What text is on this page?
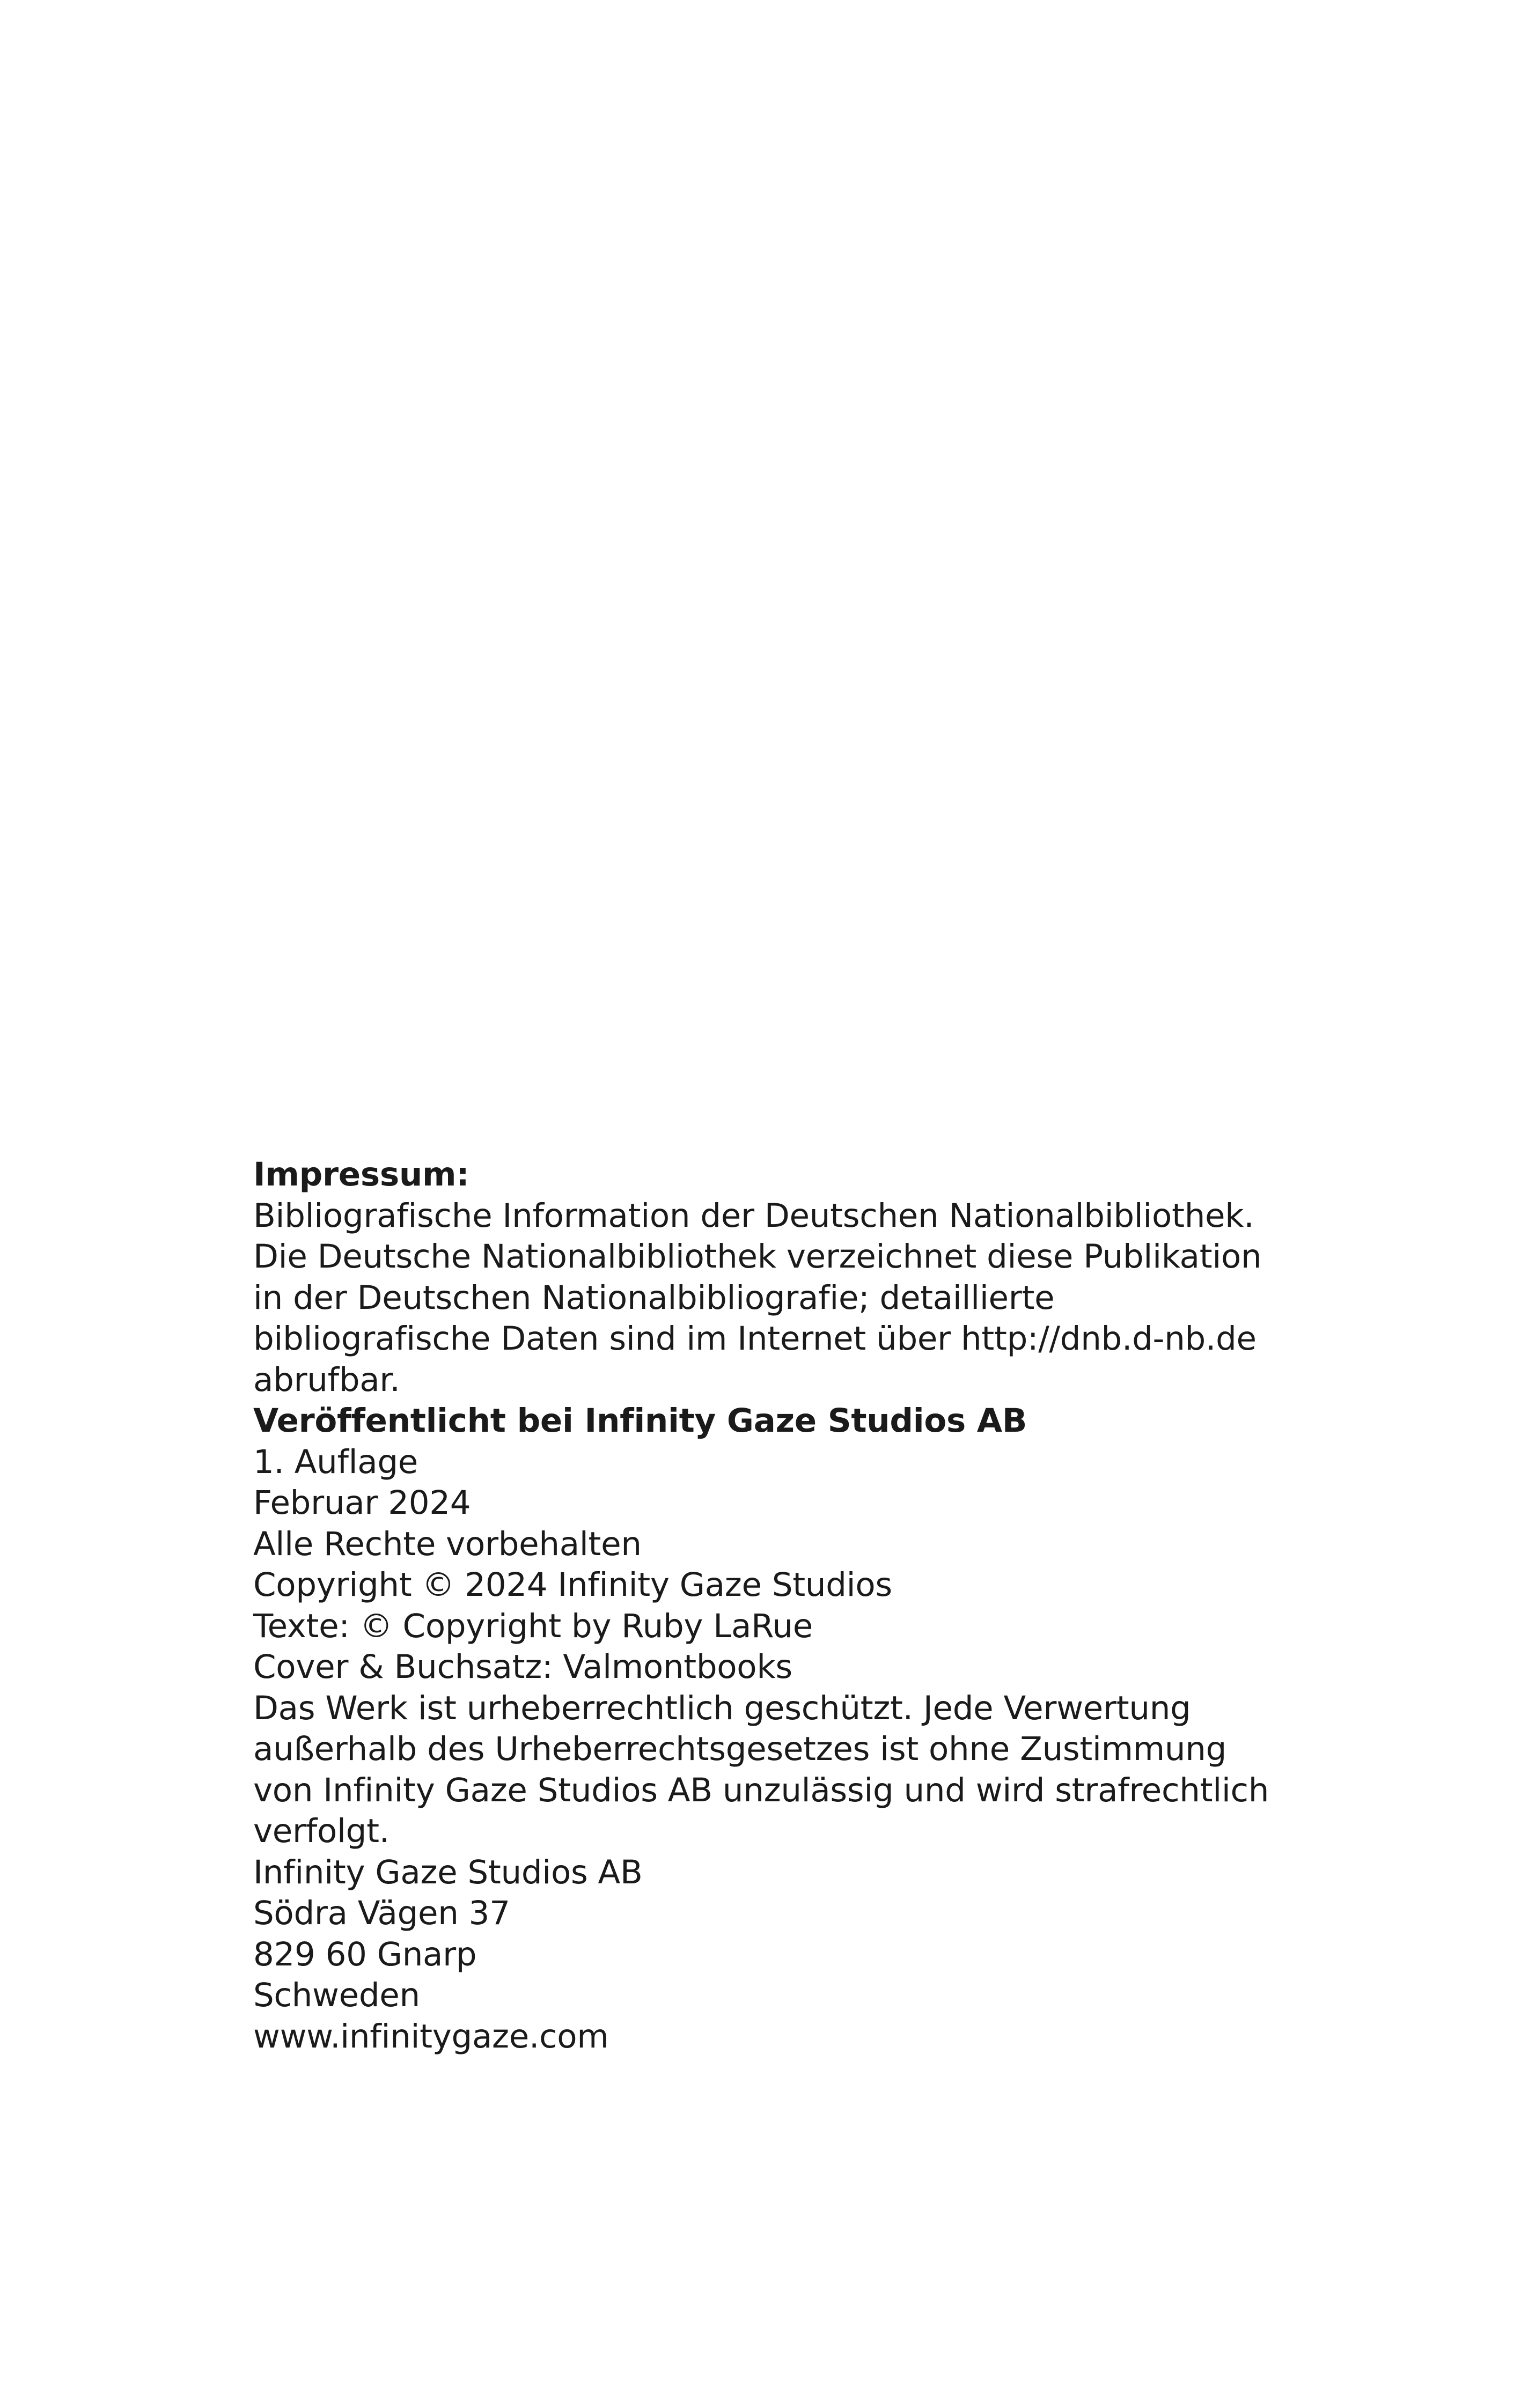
Impressum:
Bibliografische Information der Deutschen Nationalbibliothek.
Die Deutsche Nationalbibliothek verzeichnet diese Publikation
in der Deutschen Nationalbibliografie; detaillierte
bibliografische Daten sind im Internet über http://dnb.d-nb.de
abrufbar.
Veröffentlicht bei Infinity Gaze Studios AB
1. Auflage
Februar 2024
Alle Rechte vorbehalten
Copyright © 2024 Infinity Gaze Studios
Texte: © Copyright by Ruby LaRue
Cover & Buchsatz: Valmontbooks
Das Werk ist urheberrechtlich geschützt. Jede Verwertung
außerhalb des Urheberrechtsgesetzes ist ohne Zustimmung
von Infinity Gaze Studios AB unzulässig und wird strafrechtlich
verfolgt.
Infinity Gaze Studios AB
Södra Vägen 37
829 60 Gnarp
Schweden
www.infinitygaze.com
